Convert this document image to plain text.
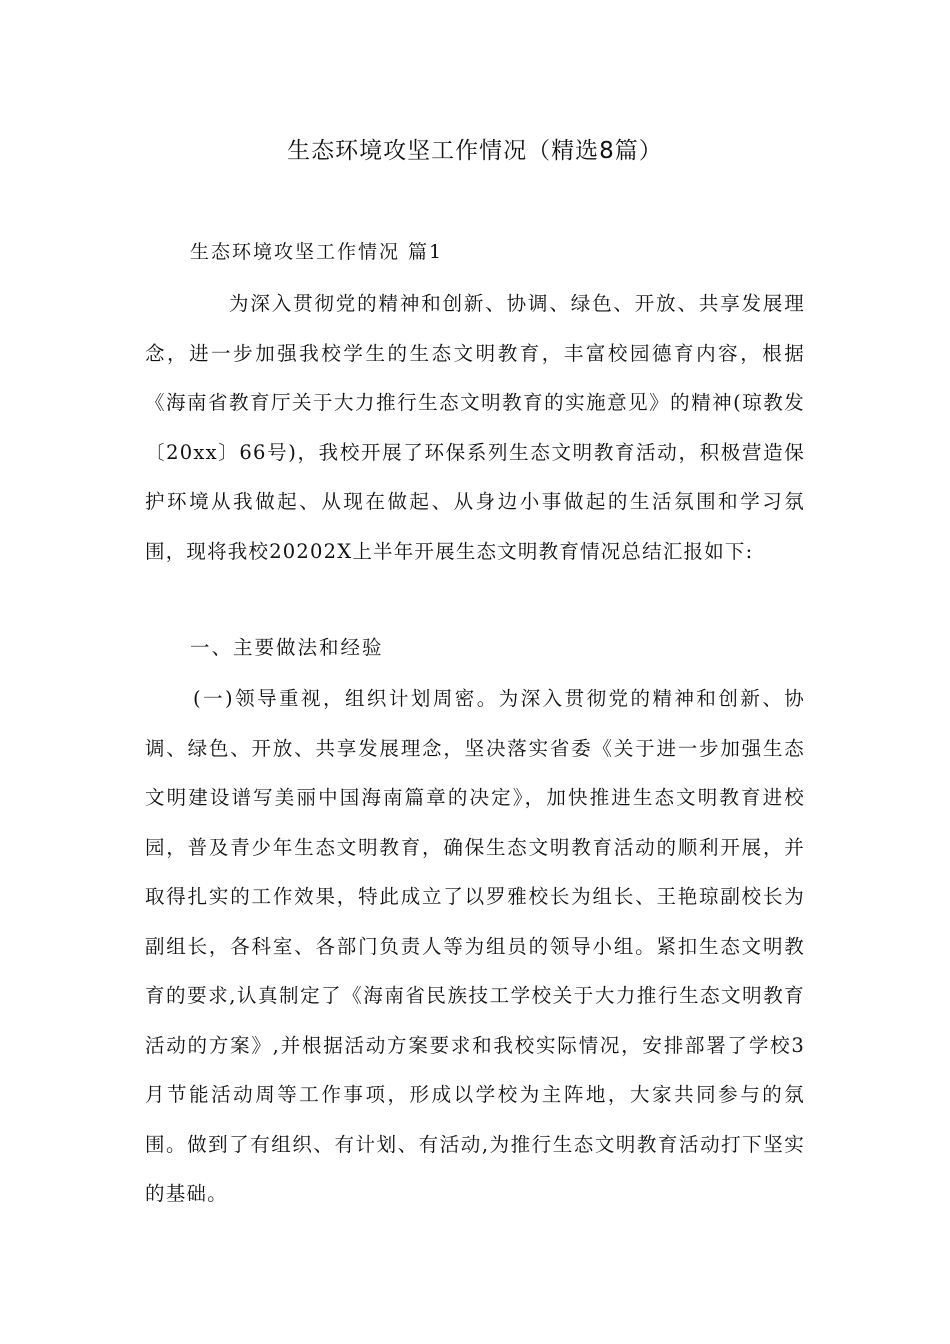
生态环境攻坚工作情况（精选8篇）
生态环境攻坚工作情况 篇1

为深入贯彻党的精神和创新、协调、绿色、开放、共享发展理念，进一步加强我校学生的生态文明教育，丰富校园德育内容，根据《海南省教育厅关于大力推行生态文明教育的实施意见》的精神(琼教发〔20xx〕66号)，我校开展了环保系列生态文明教育活动，积极营造保护环境从我做起、从现在做起、从身边小事做起的生活氛围和学习氛围，现将我校20202X上半年开展生态文明教育情况总结汇报如下:

一、主要做法和经验

(一)领导重视，组织计划周密。为深入贯彻党的精神和创新、协调、绿色、开放、共享发展理念，坚决落实省委《关于进一步加强生态文明建设谱写美丽中国海南篇章的决定》，加快推进生态文明教育进校园，普及青少年生态文明教育，确保生态文明教育活动的顺利开展，并取得扎实的工作效果，特此成立了以罗雅校长为组长、王艳琼副校长为副组长，各科室、各部门负责人等为组员的领导小组。紧扣生态文明教育的要求,认真制定了《海南省民族技工学校关于大力推行生态文明教育活动的方案》,并根据活动方案要求和我校实际情况，安排部署了学校3月节能活动周等工作事项，形成以学校为主阵地，大家共同参与的氛围。做到了有组织、有计划、有活动,为推行生态文明教育活动打下坚实的基础。
